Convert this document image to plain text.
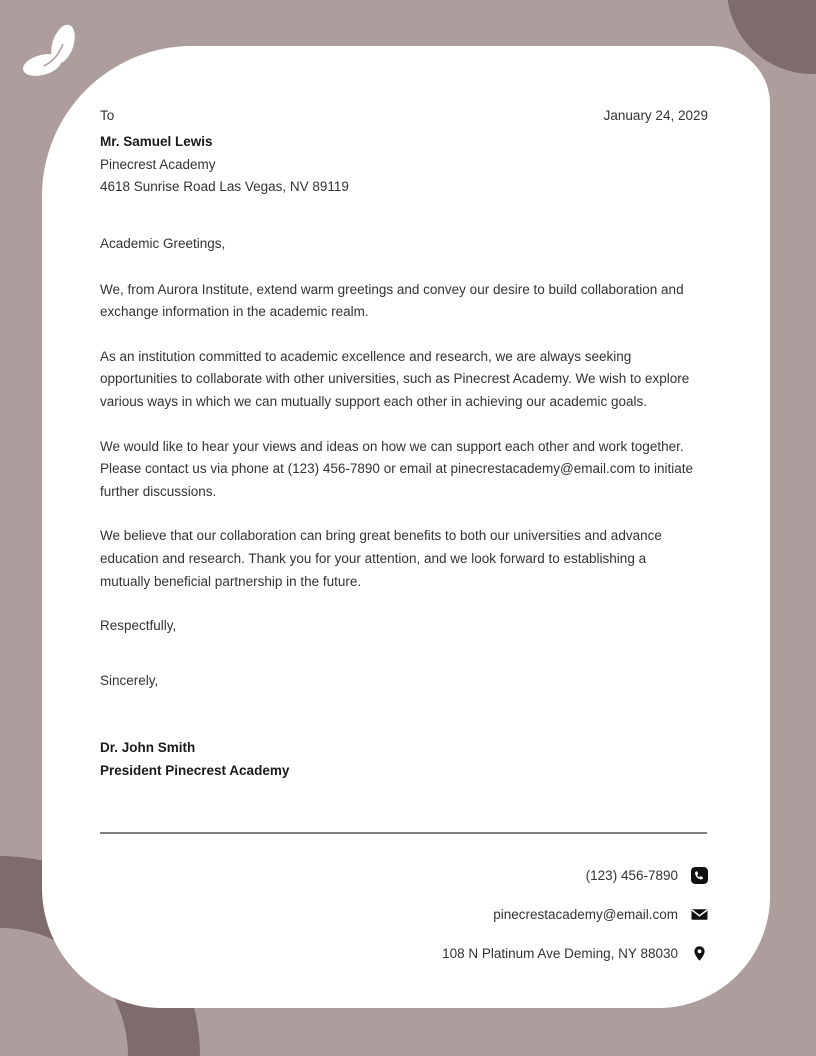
To	January 24, 2029
Mr. Samuel Lewis
Pinecrest Academy
4618 Sunrise Road Las Vegas, NV 89119

Academic Greetings,

We, from Aurora Institute, extend warm greetings and convey our desire to build collaboration and exchange information in the academic realm.

As an institution committed to academic excellence and research, we are always seeking opportunities to collaborate with other universities, such as Pinecrest Academy. We wish to explore various ways in which we can mutually support each other in achieving our academic goals.

We would like to hear your views and ideas on how we can support each other and work together. Please contact us via phone at (123) 456-7890 or email at pinecrestacademy@email.com to initiate further discussions.

We believe that our collaboration can bring great benefits to both our universities and advance education and research. Thank you for your attention, and we look forward to establishing a mutually beneficial partnership in the future.

Respectfully,

Sincerely,

Dr. John Smith

President Pinecrest Academy

(123) 456-7890
pinecrestacademy@email.com
108 N Platinum Ave Deming, NY 88030
